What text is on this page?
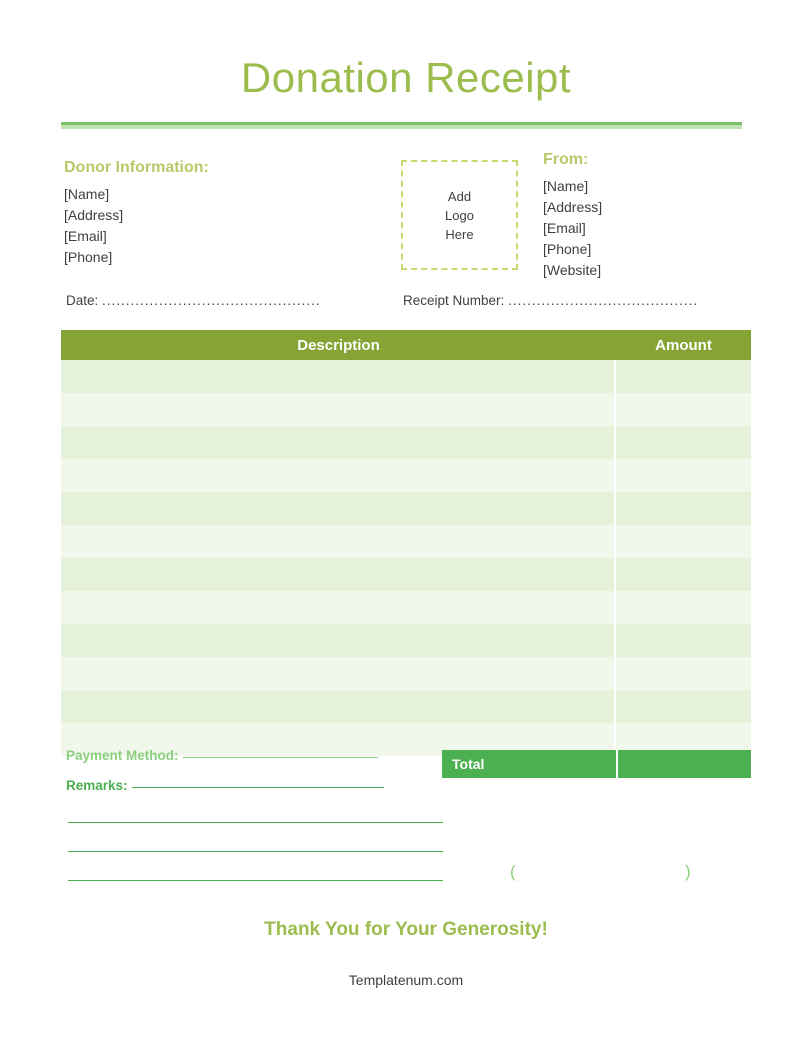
Donation Receipt
Donor Information:
[Name]
[Address]
[Email]
[Phone]
Add
Logo
Here
From:
[Name]
[Address]
[Email]
[Phone]
[Website]
Date: ..............................................	Receipt Number: ........................................
Description	Amount
Payment Method:
Remarks:
Total
(	)
Thank You for Your Generosity!
Templatenum.com
